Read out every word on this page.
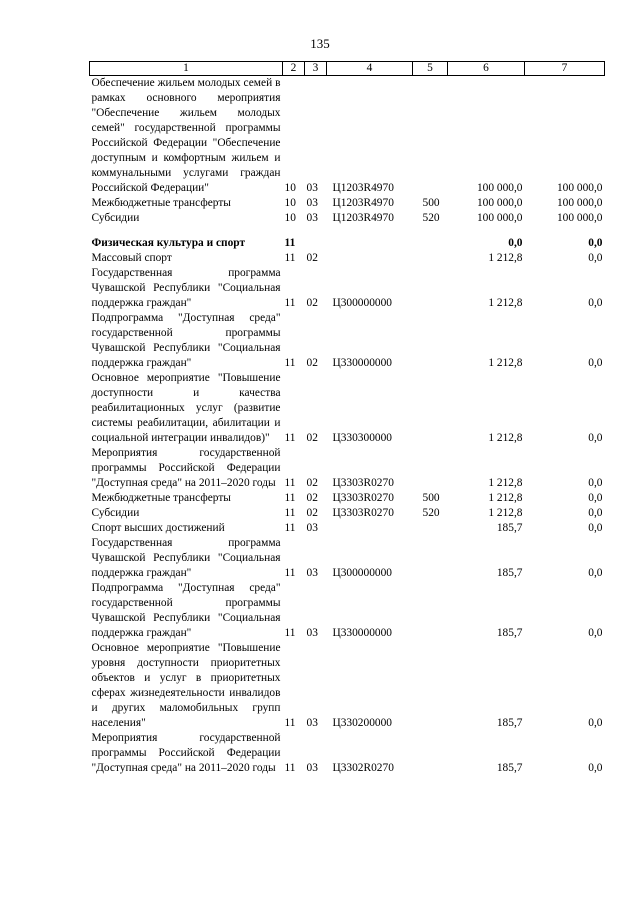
135
1	2	3	4	5	6	7
Обеспечение жильем молодых семей в рамках основного мероприятия "Обеспечение жильем молодых семей" государственной программы Российской Федерации "Обеспечение доступным и комфортным жильем и коммунальными услугами граждан Российской Федерации"	10	03	Ц1203R4970		100 000,0	100 000,0
Межбюджетные трансферты	10	03	Ц1203R4970	500	100 000,0	100 000,0
Субсидии	10	03	Ц1203R4970	520	100 000,0	100 000,0

Физическая культура и спорт	11				0,0	0,0
Массовый спорт	11	02			1 212,8	0,0
Государственная программа Чувашской Республики "Социальная поддержка граждан"	11	02	Ц300000000		1 212,8	0,0
Подпрограмма "Доступная среда" государственной программы Чувашской Республики "Социальная поддержка граждан"	11	02	Ц330000000		1 212,8	0,0
Основное мероприятие "Повышение доступности и качества реабилитационных услуг (развитие системы реабилитации, абилитации и социальной интеграции инвалидов)"	11	02	Ц330300000		1 212,8	0,0
Мероприятия государственной программы Российской Федерации "Доступная среда" на 2011–2020 годы	11	02	Ц3303R0270		1 212,8	0,0
Межбюджетные трансферты	11	02	Ц3303R0270	500	1 212,8	0,0
Субсидии	11	02	Ц3303R0270	520	1 212,8	0,0
Спорт высших достижений	11	03			185,7	0,0
Государственная программа Чувашской Республики "Социальная поддержка граждан"	11	03	Ц300000000		185,7	0,0
Подпрограмма "Доступная среда" государственной программы Чувашской Республики "Социальная поддержка граждан"	11	03	Ц330000000		185,7	0,0
Основное мероприятие "Повышение уровня доступности приоритетных объектов и услуг в приоритетных сферах жизнедеятельности инвалидов и других маломобильных групп населения"	11	03	Ц330200000		185,7	0,0
Мероприятия государственной программы Российской Федерации "Доступная среда" на 2011–2020 годы	11	03	Ц3302R0270		185,7	0,0
